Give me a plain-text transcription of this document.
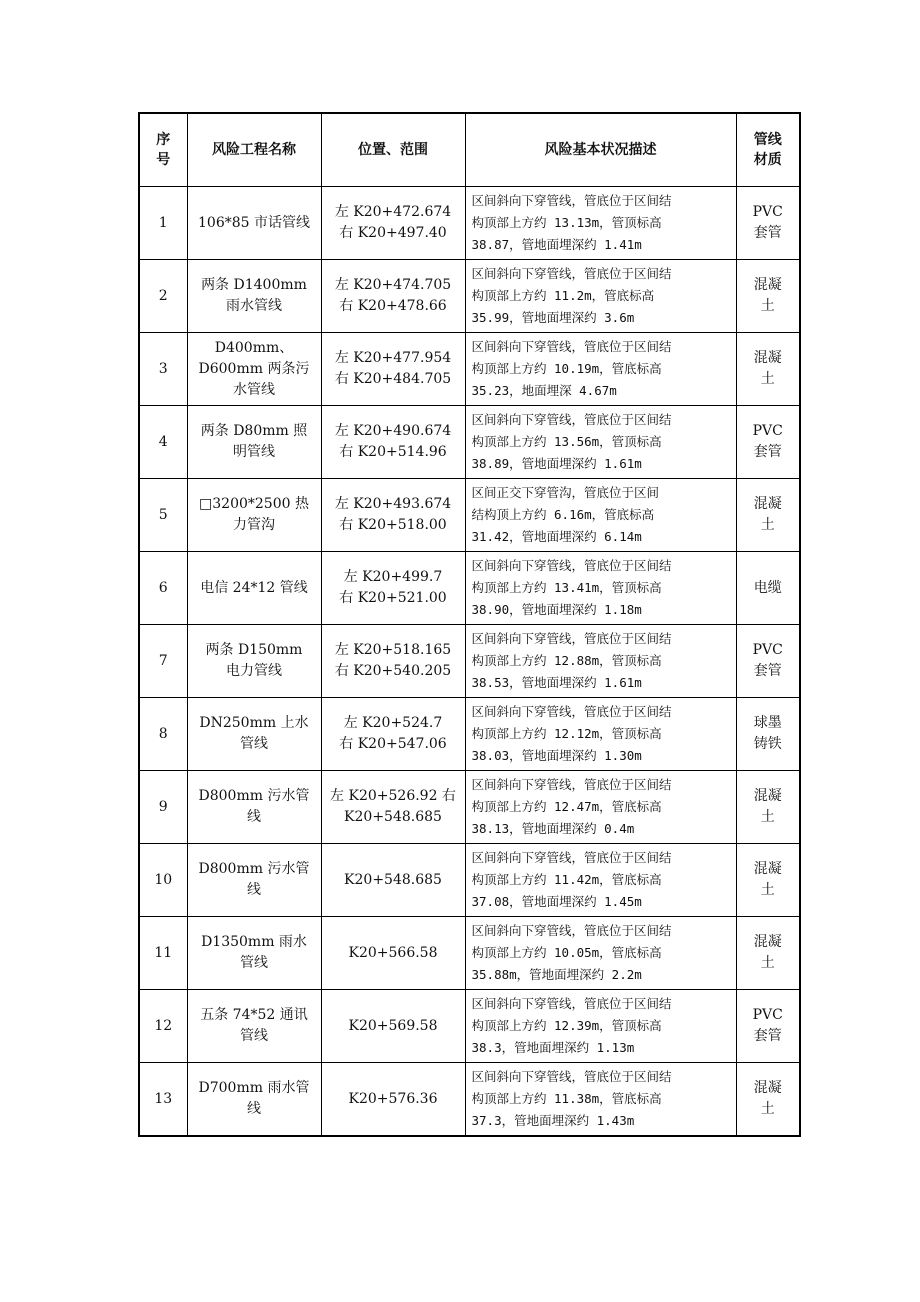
序
号	风险工程名称	位置、范围	风险基本状况描述	管线
材质

1	106*85 市话管线	左 K20+472.674
右 K20+497.40	区间斜向下穿管线，管底位于区间结
构顶部上方约 13.13m，管顶标高
38.87，管地面埋深约 1.41m	PVC
套管

2	两条 D1400mm
雨水管线	左 K20+474.705
右 K20+478.66	区间斜向下穿管线，管底位于区间结
构顶部上方约 11.2m，管底标高
35.99，管地面埋深约 3.6m	混凝
土

3	D400mm、
D600mm 两条污
水管线	左 K20+477.954
右 K20+484.705	区间斜向下穿管线，管底位于区间结
构顶部上方约 10.19m，管底标高
35.23，地面埋深 4.67m	混凝
土

4	两条 D80mm 照
明管线	左 K20+490.674
右 K20+514.96	区间斜向下穿管线，管底位于区间结
构顶部上方约 13.56m，管顶标高
38.89，管地面埋深约 1.61m	PVC
套管

5	□3200*2500 热
力管沟	左 K20+493.674
右 K20+518.00	区间正交下穿管沟，管底位于区间
结构顶上方约 6.16m，管底标高
31.42，管地面埋深约 6.14m	混凝
土

6	电信 24*12 管线	左 K20+499.7
右 K20+521.00	区间斜向下穿管线，管底位于区间结
构顶部上方约 13.41m，管顶标高
38.90，管地面埋深约 1.18m	电缆

7	两条 D150mm
电力管线	左 K20+518.165
右 K20+540.205	区间斜向下穿管线，管底位于区间结
构顶部上方约 12.88m，管顶标高
38.53，管地面埋深约 1.61m	PVC
套管

8	DN250mm 上水
管线	左 K20+524.7
右 K20+547.06	区间斜向下穿管线，管底位于区间结
构顶部上方约 12.12m，管顶标高
38.03，管地面埋深约 1.30m	球墨
铸铁

9	D800mm 污水管
线	左 K20+526.92 右
K20+548.685	区间斜向下穿管线，管底位于区间结
构顶部上方约 12.47m，管底标高
38.13，管地面埋深约 0.4m	混凝
土

10	D800mm 污水管
线	K20+548.685	区间斜向下穿管线，管底位于区间结
构顶部上方约 11.42m，管底标高
37.08，管地面埋深约 1.45m	混凝
土

11	D1350mm 雨水
管线	K20+566.58	区间斜向下穿管线，管底位于区间结
构顶部上方约 10.05m，管底标高
35.88m，管地面埋深约 2.2m	混凝
土

12	五条 74*52 通讯
管线	K20+569.58	区间斜向下穿管线，管底位于区间结
构顶部上方约 12.39m，管顶标高
38.3，管地面埋深约 1.13m	PVC
套管

13	D700mm 雨水管
线	K20+576.36	区间斜向下穿管线，管底位于区间结
构顶部上方约 11.38m，管底标高
37.3，管地面埋深约 1.43m	混凝
土
